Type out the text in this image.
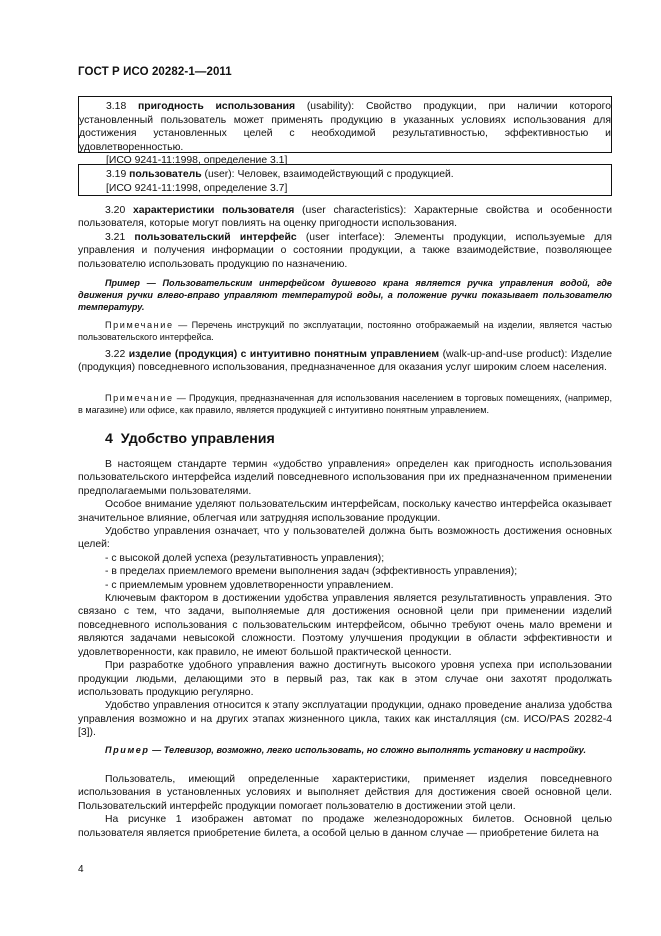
ГОСТ Р ИСО 20282-1—2011

3.18 пригодность использования (usability): Свойство продукции, при наличии которого установленный пользователь может применять продукцию в указанных условиях использования для достижения установленных целей с необходимой результативностью, эффективностью и удовлетворенностью.

[ИСО 9241-11:1998, определение 3.1]

3.19 пользователь (user): Человек, взаимодействующий с продукцией.

[ИСО 9241-11:1998, определение 3.7]

3.20 характеристики пользователя (user characteristics): Характерные свойства и особенности пользователя, которые могут повлиять на оценку пригодности использования.

3.21 пользовательский интерфейс (user interface): Элементы продукции, используемые для управления и получения информации о состоянии продукции, а также взаимодействие, позволяющее пользователю использовать продукцию по назначению.

Пример — Пользовательским интерфейсом душевого крана является ручка управления водой, где движения ручки влево-вправо управляют температурой воды, а положение ручки показывает пользователю температуру.

Примечание — Перечень инструкций по эксплуатации, постоянно отображаемый на изделии, является частью пользовательского интерфейса.

3.22 изделие (продукция) с интуитивно понятным управлением (walk-up-and-use product): Изделие (продукция) повседневного использования, предназначенное для оказания услуг широким слоем населения.

Примечание — Продукция, предназначенная для использования населением в торговых помещениях, (например, в магазине) или офисе, как правило, является продукцией с интуитивно понятным управлением.

4 Удобство управления

В настоящем стандарте термин «удобство управления» определен как пригодность использования пользовательского интерфейса изделий повседневного использования при их предназначенном применении предполагаемыми пользователями.

Особое внимание уделяют пользовательским интерфейсам, поскольку качество интерфейса оказывает значительное влияние, облегчая или затрудняя использование продукции.

Удобство управления означает, что у пользователей должна быть возможность достижения основных целей:

- с высокой долей успеха (результативность управления);

- в пределах приемлемого времени выполнения задач (эффективность управления);

- с приемлемым уровнем удовлетворенности управлением.

Ключевым фактором в достижении удобства управления является результативность управления. Это связано с тем, что задачи, выполняемые для достижения основной цели при применении изделий повседневного использования с пользовательским интерфейсом, обычно требуют очень мало времени и являются задачами невысокой сложности. Поэтому улучшения продукции в области эффективности и удовлетворенности, как правило, не имеют большой практической ценности.

При разработке удобного управления важно достигнуть высокого уровня успеха при использовании продукции людьми, делающими это в первый раз, так как в этом случае они захотят продолжать использовать продукцию регулярно.

Удобство управления относится к этапу эксплуатации продукции, однако проведение анализа удобства управления возможно и на других этапах жизненного цикла, таких как инсталляция (см. ИСО/PAS 20282-4 [3]).

Пример — Телевизор, возможно, легко использовать, но сложно выполнять установку и настройку.

Пользователь, имеющий определенные характеристики, применяет изделия повседневного использования в установленных условиях и выполняет действия для достижения своей основной цели. Пользовательский интерфейс продукции помогает пользователю в достижении этой цели.

На рисунке 1 изображен автомат по продаже железнодорожных билетов. Основной целью пользователя является приобретение билета, а особой целью в данном случае — приобретение билета на

4
